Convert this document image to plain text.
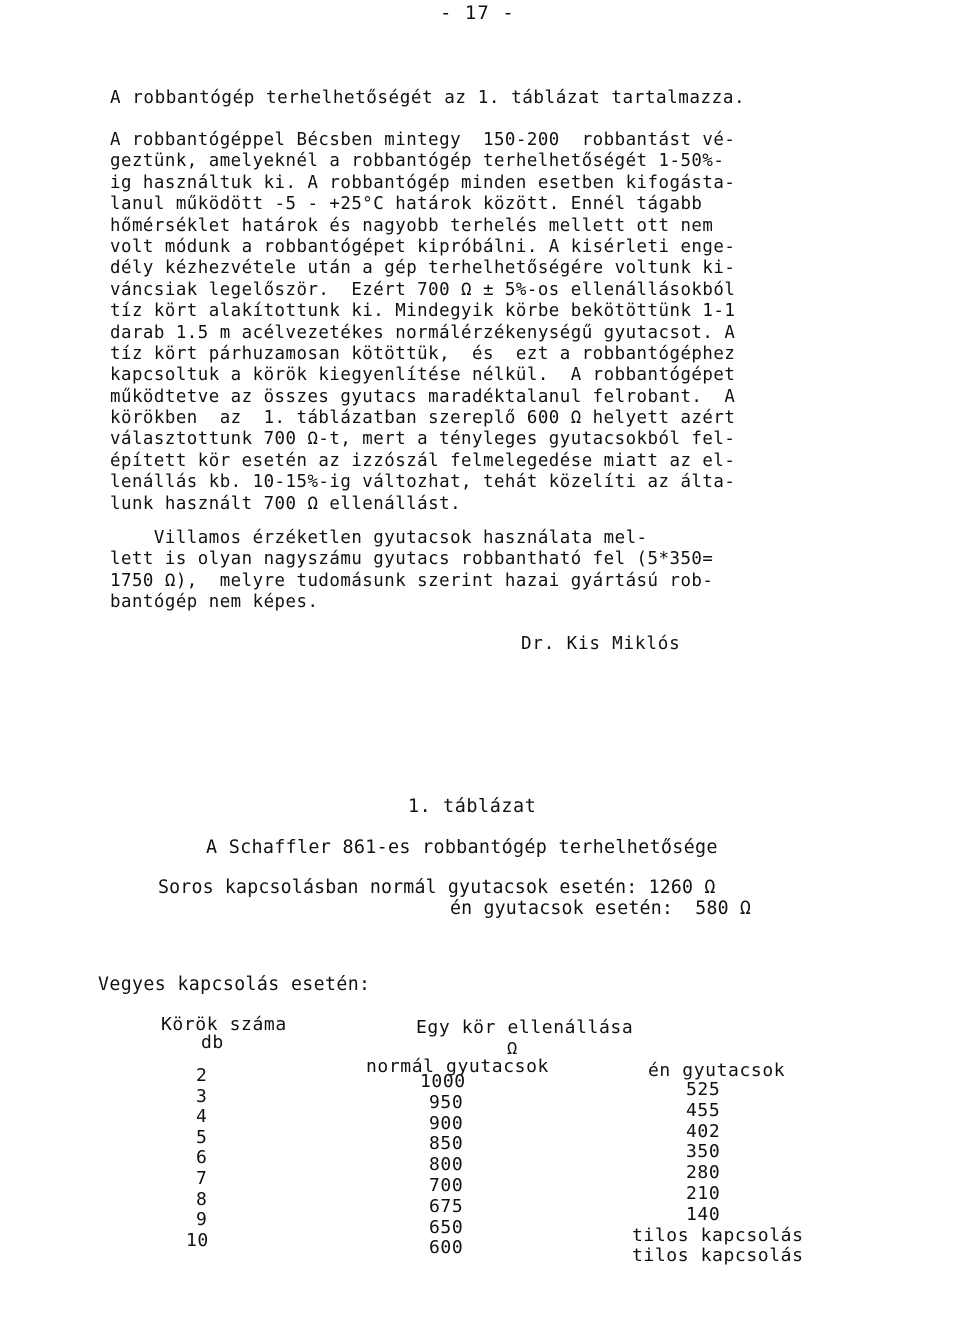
- 17 -
A robbantógép terhelhetőségét az 1. táblázat tartalmazza.
A robbantógéppel Bécsben mintegy  150-200  robbantást vé-
geztünk, amelyeknél a robbantógép terhelhetőségét 1-50%-
ig használtuk ki. A robbantógép minden esetben kifogásta-
lanul működött -5 - +25°C határok között. Ennél tágabb
hőmérséklet határok és nagyobb terhelés mellett ott nem
volt módunk a robbantógépet kipróbálni. A kisérleti enge-
dély kézhezvétele után a gép terhelhetőségére voltunk ki-
váncsiak legelőször.  Ezért 700 Ω ± 5%-os ellenállásokból
tíz kört alakítottunk ki. Mindegyik körbe bekötöttünk 1-1
darab 1.5 m acélvezetékes normálérzékenységű gyutacsot. A
tíz kört párhuzamosan kötöttük,  és  ezt a robbantógéphez
kapcsoltuk a körök kiegyenlítése nélkül.  A robbantógépet
működtetve az összes gyutacs maradéktalanul felrobant.  A
körökben  az  1. táblázatban szereplő 600 Ω helyett azért
választottunk 700 Ω-t, mert a tényleges gyutacsokból fel-
épített kör esetén az izzószál felmelegedése miatt az el-
lenállás kb. 10-15%-ig változhat, tehát közelíti az álta-
lunk használt 700 Ω ellenállást.
Villamos érzéketlen gyutacsok használata mel-
lett is olyan nagyszámu gyutacs robbantható fel (5*350=
1750 Ω),  melyre tudomásunk szerint hazai gyártású rob-
bantógép nem képes.
Dr. Kis Miklós
1. táblázat
A Schaffler 861-es robbantógép terhelhetősége
Soros kapcsolásban normál gyutacsok esetén: 1260 Ω
én gyutacsok esetén:  580 Ω
Vegyes kapcsolás esetén:
Körök száma
db
Egy kör ellenállása
Ω
normál gyutacsok	én gyutacsok
2
3
4
5
6
7
8
9
10
1000
950
900
850
800
700
675
650
600
525
455
402
350
280
210
140
tilos kapcsolás
tilos kapcsolás
